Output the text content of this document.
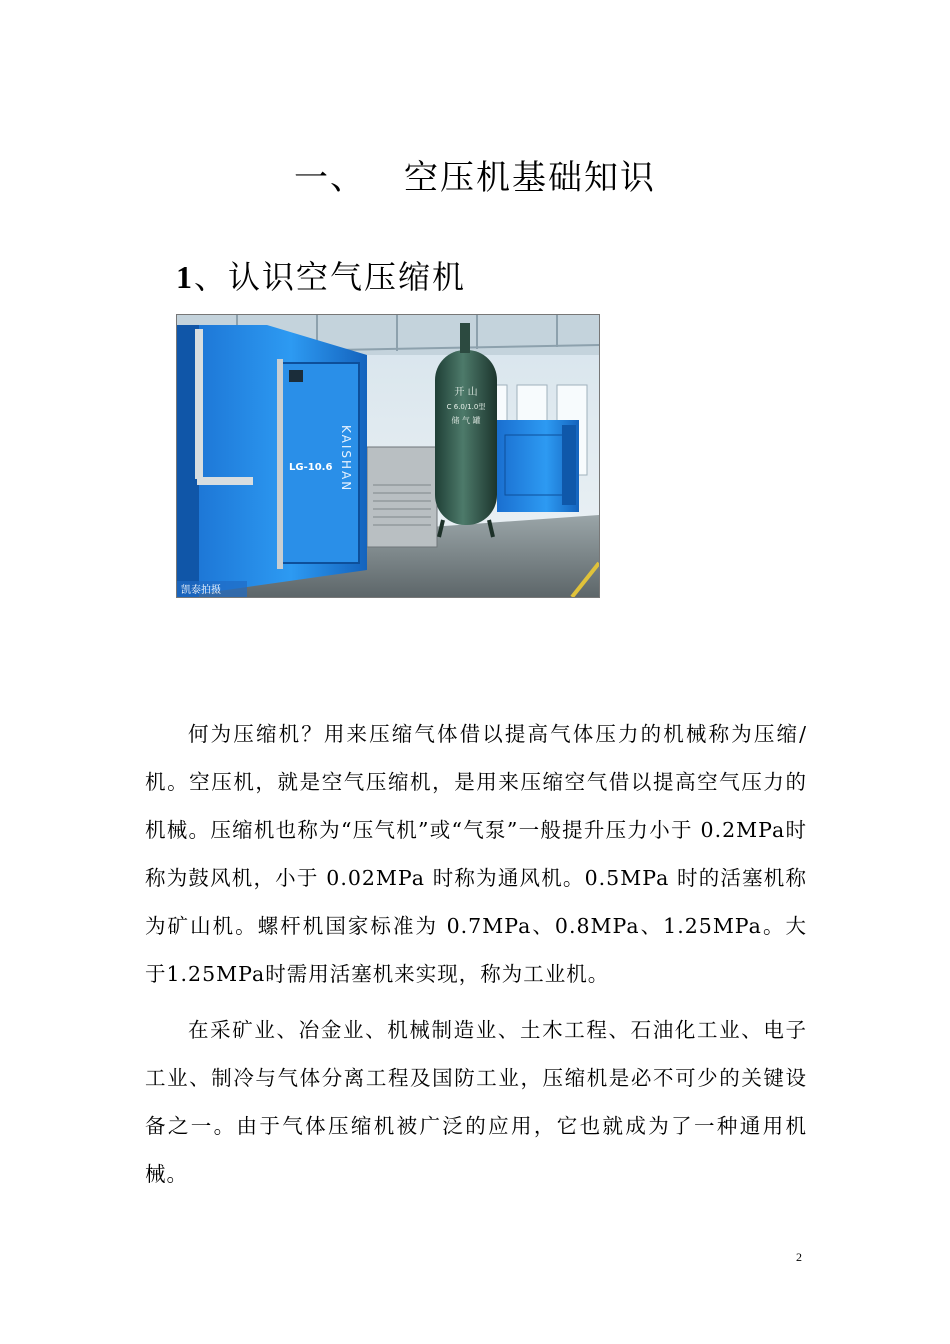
一、 空压机基础知识
1、认识空气压缩机
开 山
C 6.0/1.0型
储 气 罐
KAISHAN
LG-10.6
凯泰拍摄

何为压缩机？用来压缩气体借以提高气体压力的机械称为压缩/机。空压机，就是空气压缩机，是用来压缩空气借以提高空气压力的机械。压缩机也称为“压气机”或“气泵”一般提升压力小于 0.2MPa时称为鼓风机，小于 0.02MPa 时称为通风机。0.5MPa 时的活塞机称为矿山机。螺杆机国家标准为 0.7MPa、0.8MPa、1.25MPa。大于1.25MPa时需用活塞机来实现，称为工业机。

在采矿业、冶金业、机械制造业、土木工程、石油化工业、电子工业、制冷与气体分离工程及国防工业，压缩机是必不可少的关键设备之一。由于气体压缩机被广泛的应用，它也就成为了一种通用机械。

2
